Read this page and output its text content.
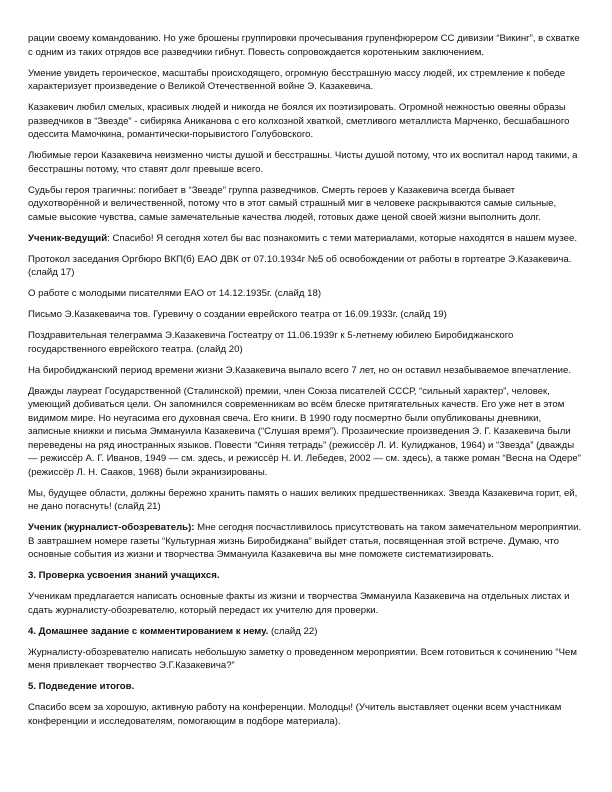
рации своему командованию. Но уже брошены группировки прочесывания групенфюрером СС дивизии “Викинг”, в схватке с одним из таких отрядов все разведчики гибнут. Повесть сопровождается коротеньким заключением.

Умение увидеть героическое, масштабы происходящего, огромную бесстрашную массу людей, их стремление к победе характеризует произведение о Великой Отечественной войне Э. Казакевича.

Казакевич любил смелых, красивых людей и никогда не боялся их поэтизировать. Огромной нежностью овеяны образы разведчиков в “Звезде” - сибиряка Аниканова с его колхозной хваткой, сметливого металлиста Марченко, бесшабашного одессита Мамочкина, романтически-порывистого Голубовского.

Любимые герои Казакевича неизменно чисты душой и бесстрашны. Чисты душой потому, что их воспитал народ такими, а бесстрашны потому, что ставят долг превыше всего.

Судьбы героя трагичны: погибает в “Звезде” группа разведчиков. Смерть героев у Казакевича всегда бывает одухотворённой и величественной, потому что в этот самый страшный миг в человеке раскрываются самые сильные, самые высокие чувства, самые замечательные качества людей, готовых даже ценой своей жизни выполнить долг.

Ученик-ведущий: Спасибо! Я сегодня хотел бы вас познакомить с теми материалами, которые находятся в нашем музее.

Протокол заседания Оргбюро ВКП(б) ЕАО ДВК от 07.10.1934г №5 об освобождении от работы в гортеатре Э.Казакевича. (слайд 17)

О работе с молодыми писателями ЕАО от 14.12.1935г. (слайд 18)

Письмо Э.Казакеваича тов. Гуревичу о создании еврейского театра от 16.09.1933г. (слайд 19)

Поздравительная телеграмма Э.Казакевича Гостеатру от 11.06.1939г к 5-летнему юбилею Биробиджанского государственного еврейского театра. (слайд 20)

На биробиджанский период времени жизни Э.Казакевича выпало всего 7 лет, но он оставил незабываемое впечатление.

Дважды лауреат Государственной (Сталинской) премии, член Союза писателей СССР, “сильный характер”, человек, умеющий добиваться цели. Он запомнился современникам во всём блеске притягательных качеств. Его уже нет в этом видимом мире. Но неугасима его духовная свеча. Его книги. В 1990 году посмертно были опубликованы дневники, записные книжки и письма Эммануила Казакевича (“Слушая время”). Прозаические произведения Э. Г. Казакевича были переведены на ряд иностранных языков. Повести “Синяя тетрадь” (режиссёр Л. И. Кулиджанов, 1964) и “Звезда” (дважды — режиссёр А. Г. Иванов, 1949 — см. здесь, и режиссёр Н. И. Лебедев, 2002 — см. здесь), а также роман “Весна на Одере” (режиссёр Л. Н. Сааков, 1968) были экранизированы.

Мы, будущее области, должны бережно хранить память о наших великих предшественниках. Звезда Казакевича горит, ей, не дано погаснуть! (слайд 21)

Ученик (журналист-обозреватель): Мне сегодня посчастливилось присутствовать на таком замечательном мероприятии. В завтрашнем номере газеты “Культурная жизнь Биробиджана” выйдет статья, посвященная этой встрече. Думаю, что основные события из жизни и творчества Эммануила Казакевича вы мне поможете систематизировать.

3. Проверка усвоения знаний учащихся.

Ученикам предлагается написать основные факты из жизни и творчества Эммануила Казакевича на отдельных листах и сдать журналисту-обозревателю, который передаст их учителю для проверки.

4. Домашнее задание с комментированием к нему. (слайд 22)

Журналисту-обозревателю написать небольшую заметку о проведенном мероприятии. Всем готовиться к сочинению “Чем меня привлекает творчество Э.Г.Казакевича?”

5. Подведение итогов.

Спасибо всем за хорошую, активную работу на конференции. Молодцы! (Учитель выставляет оценки всем участникам конференции и исследователям, помогающим в подборе материала).
